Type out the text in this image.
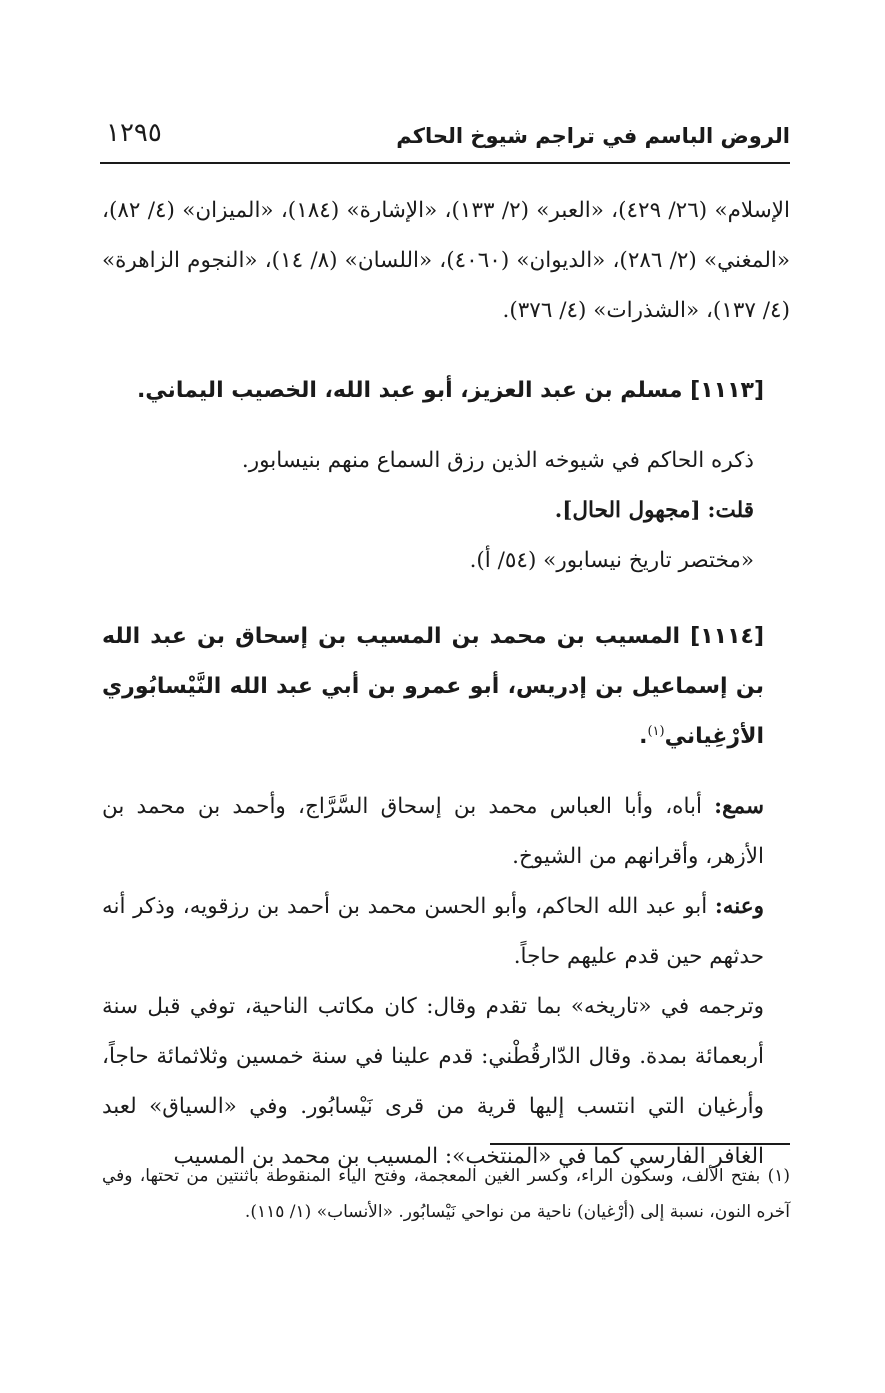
الروض الباسم في تراجم شيوخ الحاكم
١٢٩٥

الإسلام» (٢٦/ ٤٢٩)، «العبر» (٢/ ١٣٣)، «الإشارة» (١٨٤)، «الميزان» (٤/ ٨٢)، «المغني» (٢/ ٢٨٦)، «الديوان» (٤٠٦٠)، «اللسان» (٨/ ١٤)، «النجوم الزاهرة» (٤/ ١٣٧)، «الشذرات» (٤/ ٣٧٦).

[١١١٣] مسلم بن عبد العزيز، أبو عبد الله، الخصيب اليماني.

ذكره الحاكم في شيوخه الذين رزق السماع منهم بنيسابور.

قلت: [مجهول الحال].

«مختصر تاريخ نيسابور» (٥٤/ أ).

[١١١٤] المسيب بن محمد بن المسيب بن إسحاق بن عبد الله بن إسماعيل بن إدريس، أبو عمرو بن أبي عبد الله النَّيْسابُوري الأرْغِياني$^{(١)}$.

سمع: أباه، وأبا العباس محمد بن إسحاق السَّرَّاج، وأحمد بن محمد بن الأزهر، وأقرانهم من الشيوخ.

وعنه: أبو عبد الله الحاكم، وأبو الحسن محمد بن أحمد بن رزقويه، وذكر أنه حدثهم حين قدم عليهم حاجاً.

وترجمه في «تاريخه» بما تقدم وقال: كان مكاتب الناحية، توفي قبل سنة أربعمائة بمدة. وقال الدّارقُطْني: قدم علينا في سنة خمسين وثلاثمائة حاجاً، وأرغيان التي انتسب إليها قرية من قرى نَيْسابُور. وفي «السياق» لعبد الغافر الفارسي كما في «المنتخب»: المسيب بن محمد بن المسيب

(١) بفتح الألف، وسكون الراء، وكسر الغين المعجمة، وفتح الياء المنقوطة باثنتين من تحتها، وفي آخره النون، نسبة إلى (أرْغيان) ناحية من نواحي نَيْسابُور. «الأنساب» (١/ ١١٥).
